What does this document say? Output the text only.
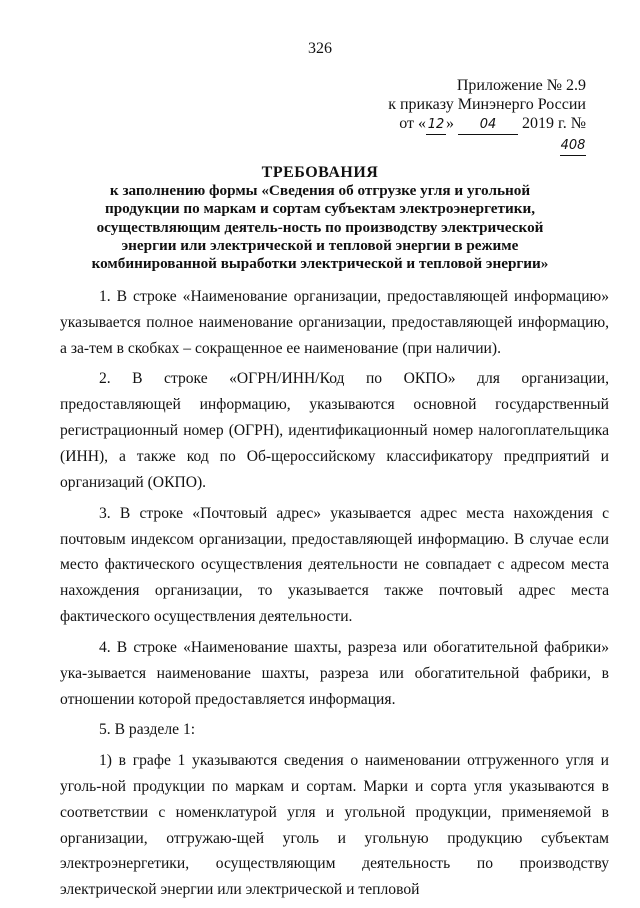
326
Приложение № 2.9
к приказу Минэнерго России
от « 12 » 04 2019 г. №408
ТРЕБОВАНИЯ
к заполнению формы «Сведения об отгрузке угля и угольной продукции по маркам и сортам субъектам электроэнергетики, осуществляющим деятель-ность по производству электрической энергии или электрической и тепловой энергии в режиме комбинированной выработки электрической и тепловой энергии»

1. В строке «Наименование организации, предоставляющей информацию» указывается полное наименование организации, предоставляющей информацию, а за-тем в скобках – сокращенное ее наименование (при наличии).

2. В строке «ОГРН/ИНН/Код по ОКПО» для организации, предоставляющей информацию, указываются основной государственный регистрационный номер (ОГРН), идентификационный номер налогоплательщика (ИНН), а также код по Об-щероссийскому классификатору предприятий и организаций (ОКПО).

3. В строке «Почтовый адрес» указывается адрес места нахождения с почтовым индексом организации, предоставляющей информацию. В случае если место фактического осуществления деятельности не совпадает с адресом места нахождения организации, то указывается также почтовый адрес места фактического осуществления деятельности.

4. В строке «Наименование шахты, разреза или обогатительной фабрики» ука-зывается наименование шахты, разреза или обогатительной фабрики, в отношении которой предоставляется информация.

5. В разделе 1:

1) в графе 1 указываются сведения о наименовании отгруженного угля и уголь-ной продукции по маркам и сортам. Марки и сорта угля указываются в соответствии с номенклатурой угля и угольной продукции, применяемой в организации, отгружаю-щей уголь и угольную продукцию субъектам электроэнергетики, осуществляющим деятельность по производству электрической энергии или электрической и тепловой
